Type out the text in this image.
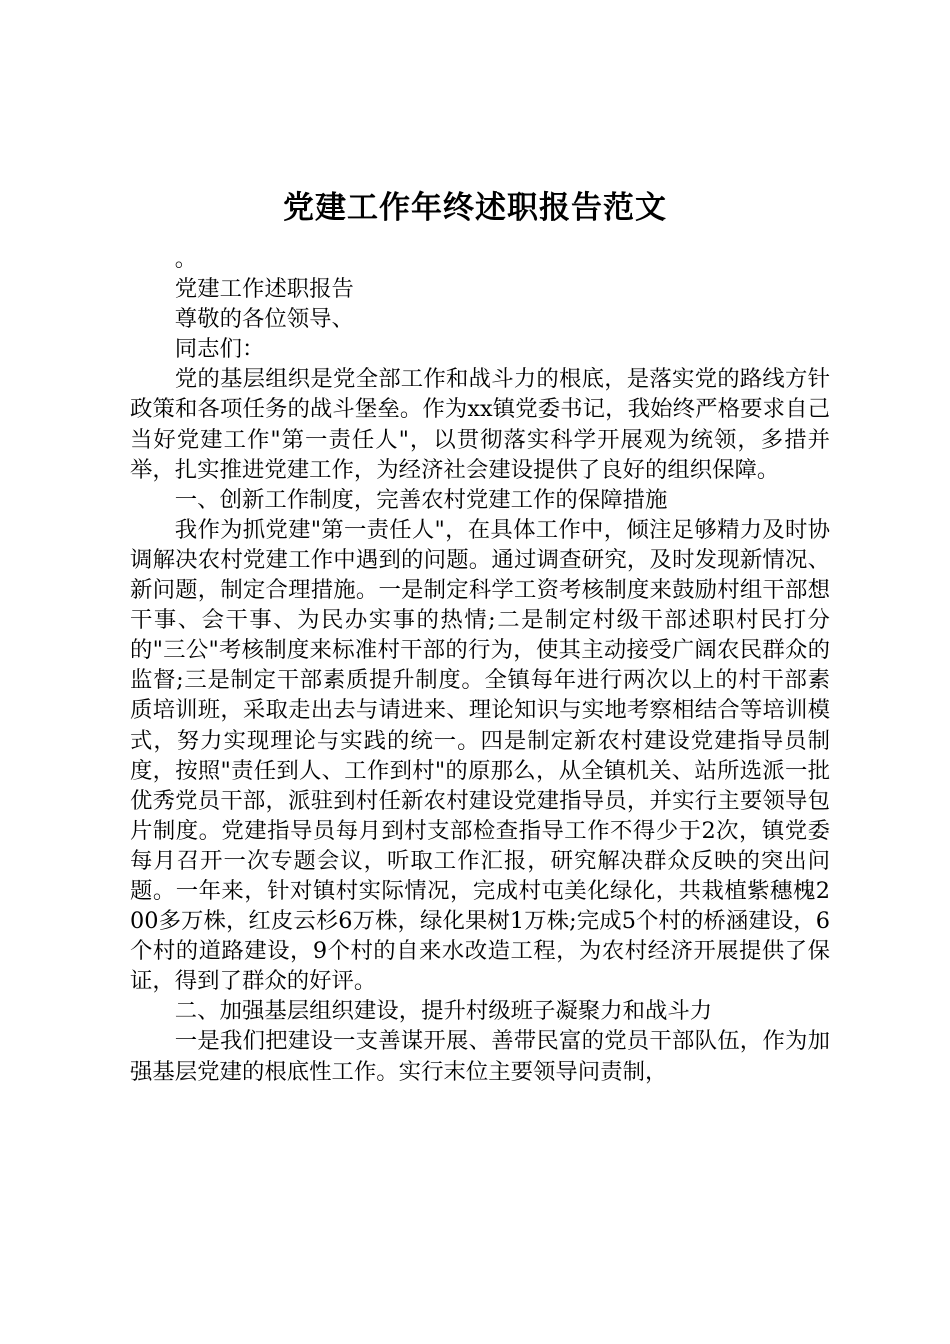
党建工作年终述职报告范文

。

党建工作述职报告

尊敬的各位领导、

同志们：

党的基层组织是党全部工作和战斗力的根底，是落实党的路线方针政策和各项任务的战斗堡垒。作为xx镇党委书记，我始终严格要求自己当好党建工作"第一责任人"，以贯彻落实科学开展观为统领，多措并举，扎实推进党建工作，为经济社会建设提供了良好的组织保障。

一、创新工作制度，完善农村党建工作的保障措施

我作为抓党建"第一责任人"，在具体工作中，倾注足够精力及时协调解决农村党建工作中遇到的问题。通过调查研究，及时发现新情况、新问题，制定合理措施。一是制定科学工资考核制度来鼓励村组干部想干事、会干事、为民办实事的热情;二是制定村级干部述职村民打分的"三公"考核制度来标准村干部的行为，使其主动接受广阔农民群众的监督;三是制定干部素质提升制度。全镇每年进行两次以上的村干部素质培训班，采取走出去与请进来、理论知识与实地考察相结合等培训模式，努力实现理论与实践的统一。四是制定新农村建设党建指导员制度，按照"责任到人、工作到村"的原那么，从全镇机关、站所选派一批优秀党员干部，派驻到村任新农村建设党建指导员，并实行主要领导包片制度。党建指导员每月到村支部检查指导工作不得少于2次，镇党委每月召开一次专题会议，听取工作汇报，研究解决群众反映的突出问题。一年来，针对镇村实际情况，完成村屯美化绿化，共栽植紫穗槐200多万株，红皮云杉6万株，绿化果树1万株;完成5个村的桥涵建设，6个村的道路建设，9个村的自来水改造工程，为农村经济开展提供了保证，得到了群众的好评。

二、加强基层组织建设，提升村级班子凝聚力和战斗力

一是我们把建设一支善谋开展、善带民富的党员干部队伍，作为加强基层党建的根底性工作。实行末位主要领导问责制，
